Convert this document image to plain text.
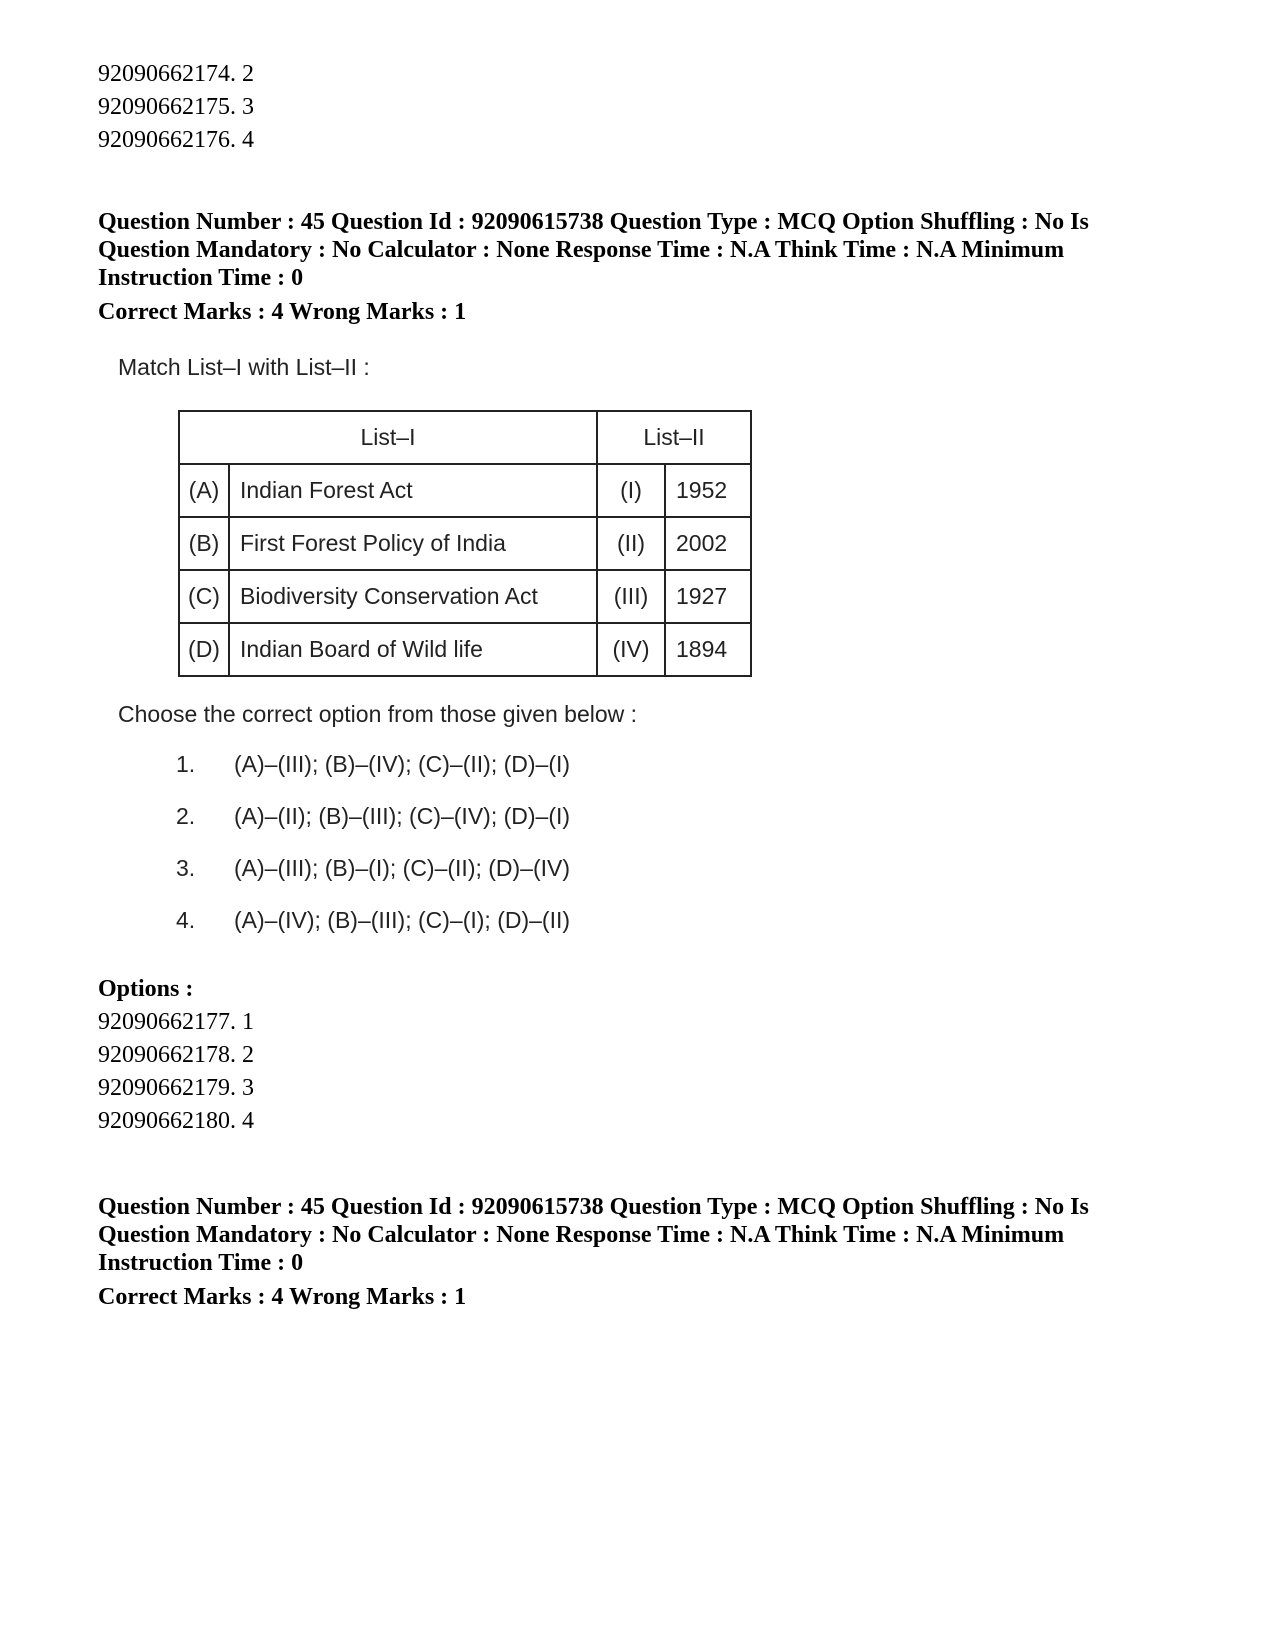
92090662174. 2

92090662175. 3

92090662176. 4

Question Number : 45 Question Id : 92090615738 Question Type : MCQ Option Shuffling : No Is

Question Mandatory : No Calculator : None Response Time : N.A Think Time : N.A Minimum

Instruction Time : 0

Correct Marks : 4 Wrong Marks : 1

Match List–I with List–II :

List–I		List–II	
(A)	Indian Forest Act	(I)	1952
(B)	First Forest Policy of India	(II)	2002
(C)	Biodiversity Conservation Act	(III)	1927
(D)	Indian Board of Wild life	(IV)	1894

Choose the correct option from those given below :

1.	(A)–(III); (B)–(IV); (C)–(II); (D)–(I)
2.	(A)–(II); (B)–(III); (C)–(IV); (D)–(I)
3.	(A)–(III); (B)–(I); (C)–(II); (D)–(IV)
4.	(A)–(IV); (B)–(III); (C)–(I); (D)–(II)
Options :

92090662177. 1

92090662178. 2

92090662179. 3

92090662180. 4

Question Number : 45 Question Id : 92090615738 Question Type : MCQ Option Shuffling : No Is

Question Mandatory : No Calculator : None Response Time : N.A Think Time : N.A Minimum

Instruction Time : 0

Correct Marks : 4 Wrong Marks : 1
